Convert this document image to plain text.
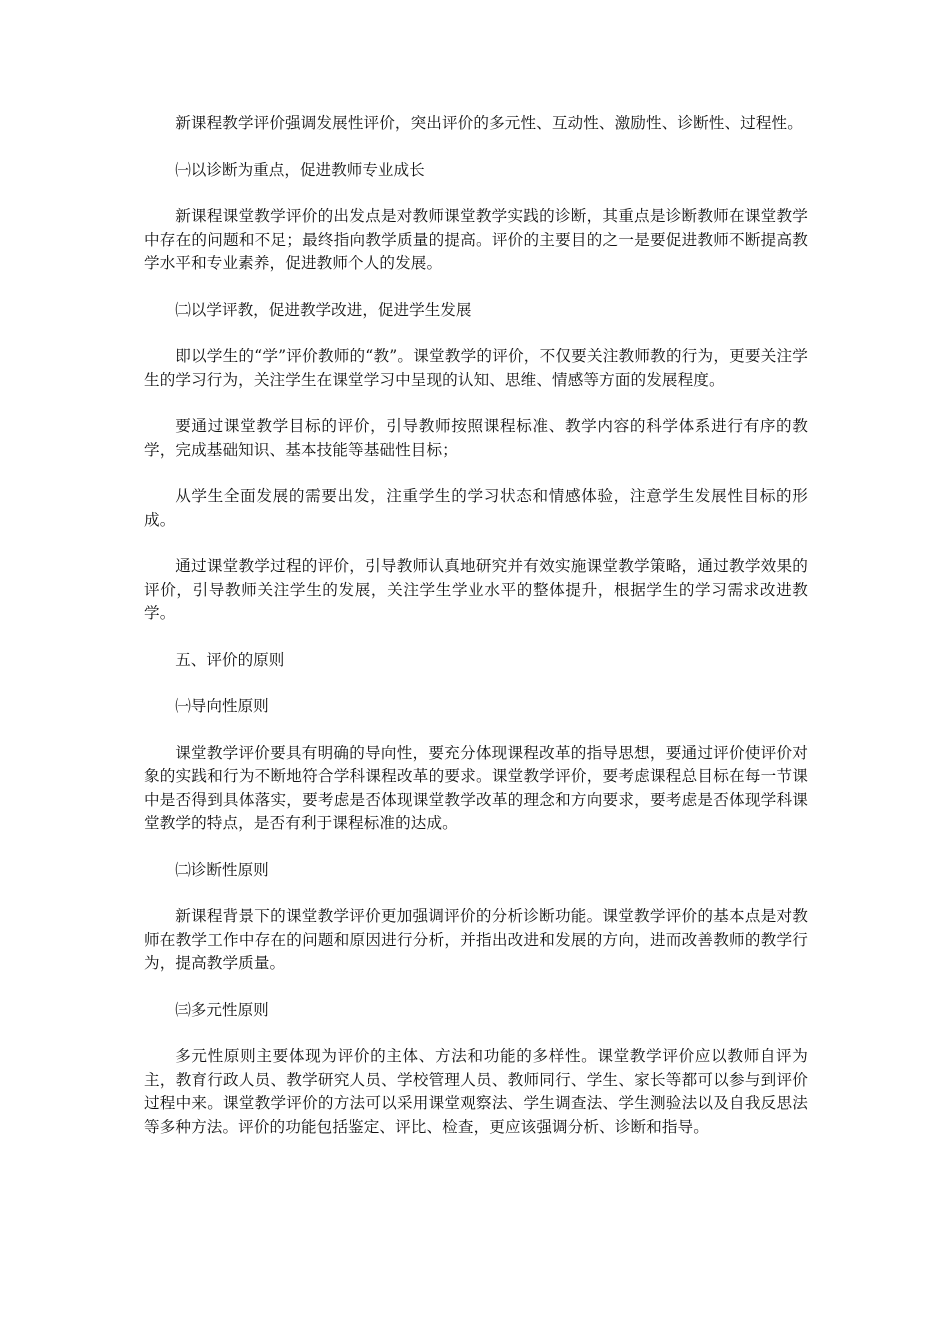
新课程教学评价强调发展性评价，突出评价的多元性、互动性、激励性、诊断性、过程性。

㈠以诊断为重点，促进教师专业成长

新课程课堂教学评价的出发点是对教师课堂教学实践的诊断，其重点是诊断教师在课堂教学中存在的问题和不足；最终指向教学质量的提高。评价的主要目的之一是要促进教师不断提高教学水平和专业素养，促进教师个人的发展。

㈡以学评教，促进教学改进，促进学生发展

即以学生的“学”评价教师的“教”。课堂教学的评价，不仅要关注教师教的行为，更要关注学生的学习行为，关注学生在课堂学习中呈现的认知、思维、情感等方面的发展程度。

要通过课堂教学目标的评价，引导教师按照课程标准、教学内容的科学体系进行有序的教学，完成基础知识、基本技能等基础性目标；

从学生全面发展的需要出发，注重学生的学习状态和情感体验，注意学生发展性目标的形成。

通过课堂教学过程的评价，引导教师认真地研究并有效实施课堂教学策略，通过教学效果的评价，引导教师关注学生的发展，关注学生学业水平的整体提升，根据学生的学习需求改进教学。

五、评价的原则

㈠导向性原则

课堂教学评价要具有明确的导向性，要充分体现课程改革的指导思想，要通过评价使评价对象的实践和行为不断地符合学科课程改革的要求。课堂教学评价，要考虑课程总目标在每一节课中是否得到具体落实，要考虑是否体现课堂教学改革的理念和方向要求，要考虑是否体现学科课堂教学的特点，是否有利于课程标准的达成。

㈡诊断性原则

新课程背景下的课堂教学评价更加强调评价的分析诊断功能。课堂教学评价的基本点是对教师在教学工作中存在的问题和原因进行分析，并指出改进和发展的方向，进而改善教师的教学行为，提高教学质量。

㈢多元性原则

多元性原则主要体现为评价的主体、方法和功能的多样性。课堂教学评价应以教师自评为主，教育行政人员、教学研究人员、学校管理人员、教师同行、学生、家长等都可以参与到评价过程中来。课堂教学评价的方法可以采用课堂观察法、学生调查法、学生测验法以及自我反思法等多种方法。评价的功能包括鉴定、评比、检查，更应该强调分析、诊断和指导。
